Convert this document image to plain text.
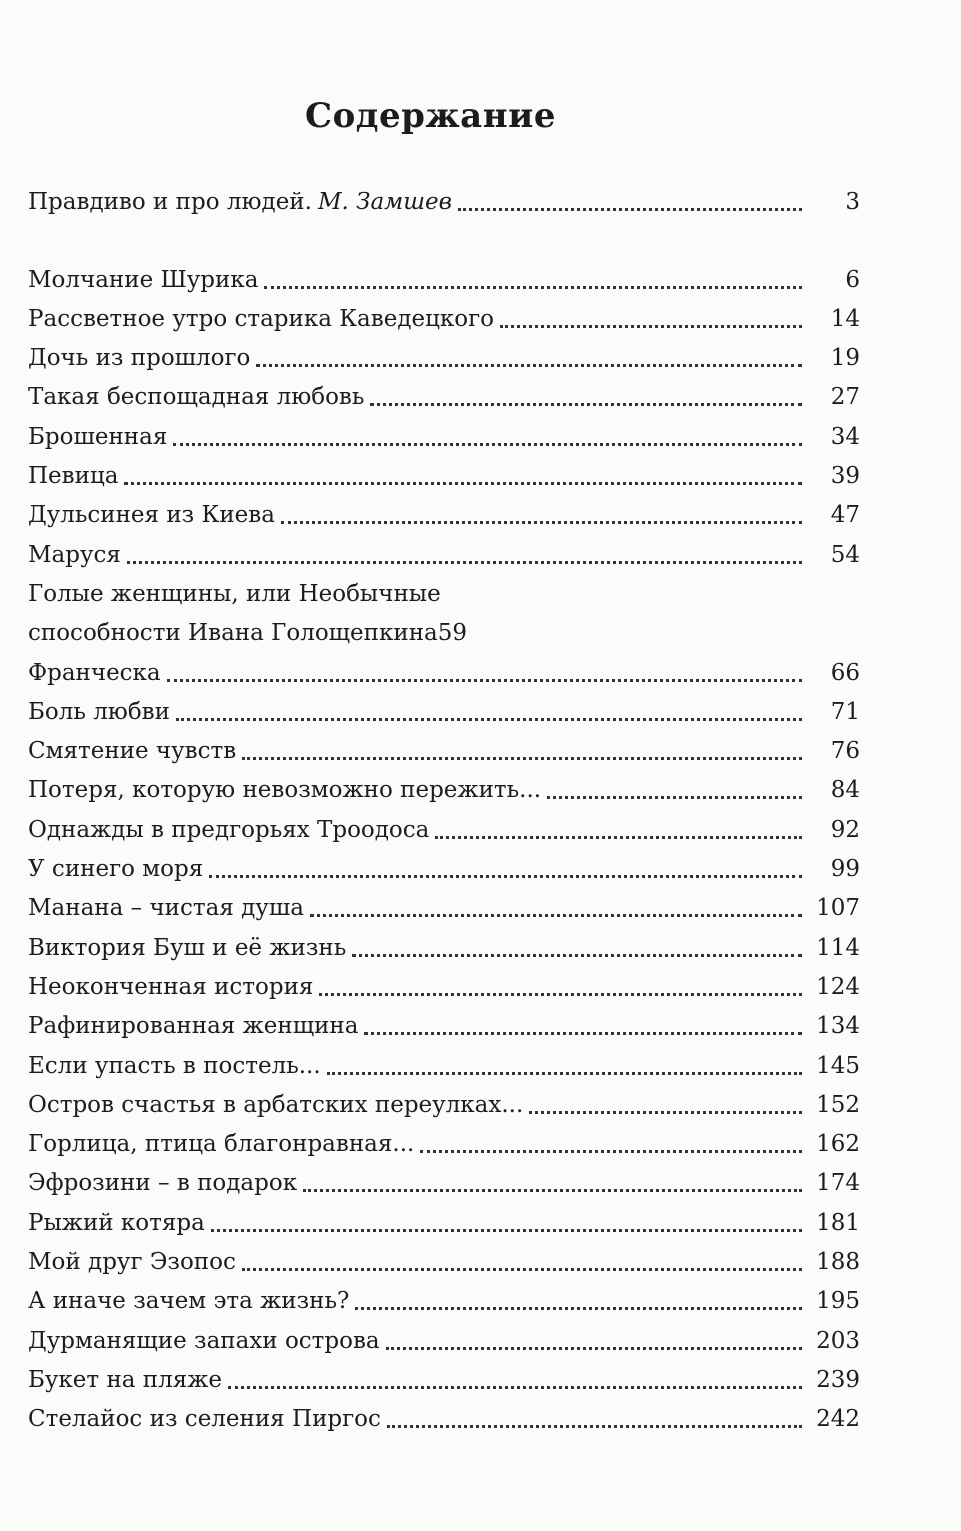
Содержание
Правдиво и про людей. М. Замшев	3
Молчание Шурика	6
Рассветное утро старика Каведецкого	14
Дочь из прошлого	19
Такая беспощадная любовь	27
Брошенная	34
Певица	39
Дульсинея из Киева	47
Маруся	54
Голые женщины, или Необычные
способности Ивана Голощепкина 59
Франческа	66
Боль любви	71
Смятение чувств	76
Потеря, которую невозможно пережить...	84
Однажды в предгорьях Троодоса	92
У синего моря	99
Манана – чистая душа	107
Виктория Буш и её жизнь	114
Неоконченная история	124
Рафинированная женщина	134
Если упасть в постель...	145
Остров счастья в арбатских переулках...	152
Горлица, птица благонравная...	162
Эфрозини – в подарок	174
Рыжий котяра	181
Мой друг Эзопос	188
А иначе зачем эта жизнь?	195
Дурманящие запахи острова	203
Букет на пляже	239
Стелайос из селения Пиргос	242
